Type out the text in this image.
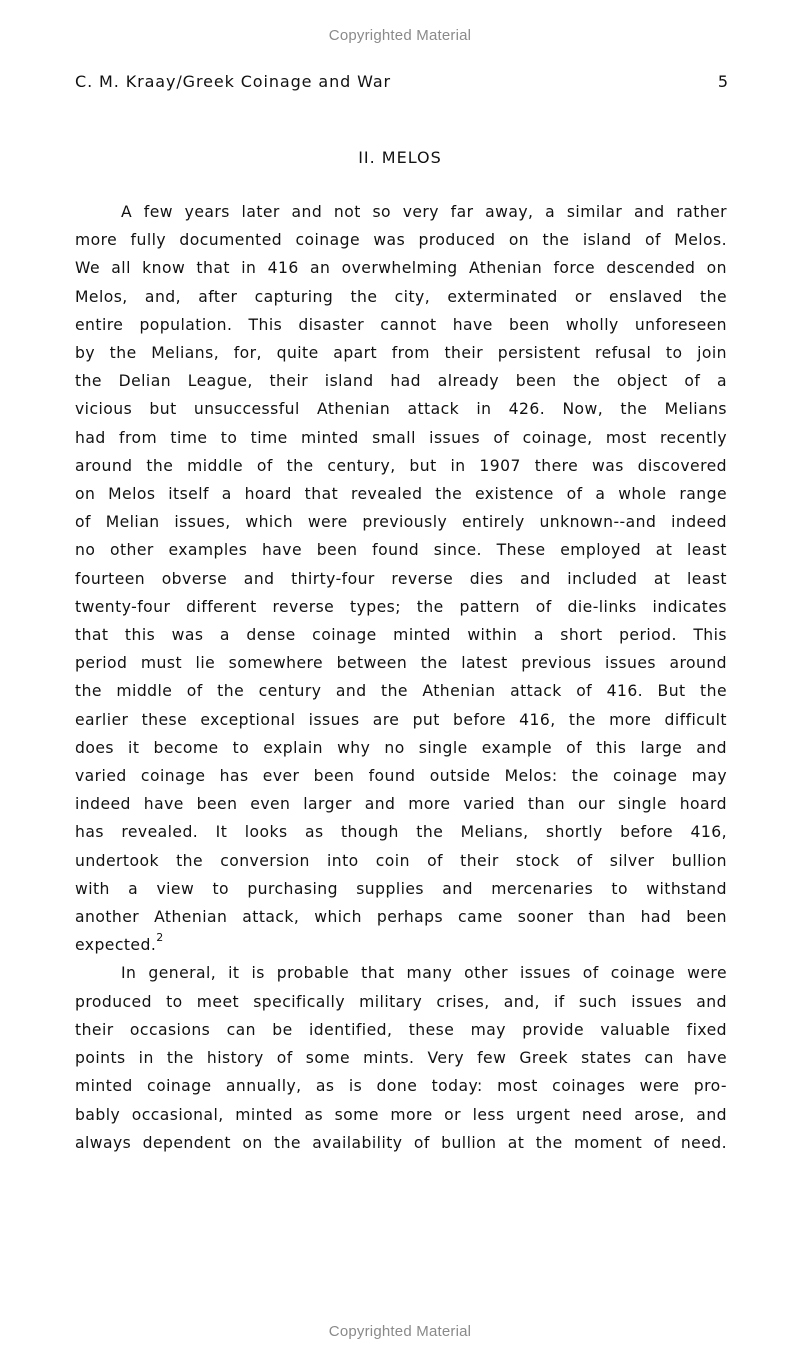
Copyrighted Material
C. M. Kraay/Greek Coinage and War	5
II. MELOS
A few years later and not so very far away, a similar and rather
more fully documented coinage was produced on the island of Melos.
We all know that in 416 an overwhelming Athenian force descended on
Melos, and, after capturing the city, exterminated or enslaved the
entire population. This disaster cannot have been wholly unforeseen
by the Melians, for, quite apart from their persistent refusal to join
the Delian League, their island had already been the object of a
vicious but unsuccessful Athenian attack in 426. Now, the Melians
had from time to time minted small issues of coinage, most recently
around the middle of the century, but in 1907 there was discovered
on Melos itself a hoard that revealed the existence of a whole range
of Melian issues, which were previously entirely unknown--and indeed
no other examples have been found since. These employed at least
fourteen obverse and thirty-four reverse dies and included at least
twenty-four different reverse types; the pattern of die-links indicates
that this was a dense coinage minted within a short period. This
period must lie somewhere between the latest previous issues around
the middle of the century and the Athenian attack of 416. But the
earlier these exceptional issues are put before 416, the more difficult
does it become to explain why no single example of this large and
varied coinage has ever been found outside Melos: the coinage may
indeed have been even larger and more varied than our single hoard
has revealed. It looks as though the Melians, shortly before 416,
undertook the conversion into coin of their stock of silver bullion
with a view to purchasing supplies and mercenaries to withstand
another Athenian attack, which perhaps came sooner than had been
expected.$^2$
In general, it is probable that many other issues of coinage were
produced to meet specifically military crises, and, if such issues and
their occasions can be identified, these may provide valuable fixed
points in the history of some mints. Very few Greek states can have
minted coinage annually, as is done today: most coinages were pro-
bably occasional, minted as some more or less urgent need arose, and
always dependent on the availability of bullion at the moment of need.
Copyrighted Material
